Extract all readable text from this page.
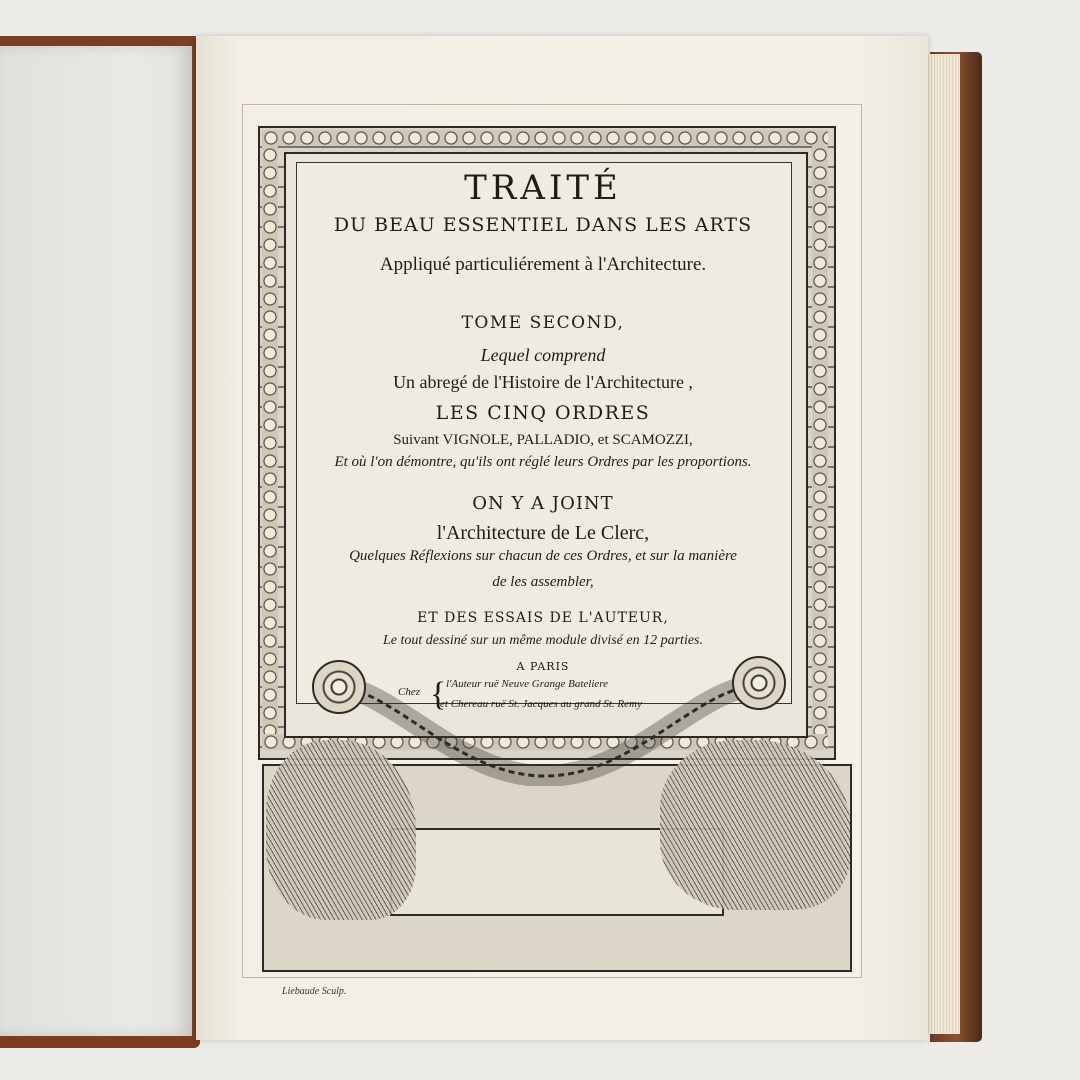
TRAITÉ
DU BEAU ESSENTIEL DANS LES ARTS
Appliqué particuliérement à l'Architecture.
TOME SECOND,
Lequel comprend
Un abregé de l'Histoire de l'Architecture ,
LES CINQ ORDRES
Suivant VIGNOLE, PALLADIO, et SCAMOZZI,
Et où l'on démontre, qu'ils ont réglé leurs Ordres par les proportions.
ON Y A JOINT
l'Architecture de Le Clerc,
Quelques Réflexions sur chacun de ces Ordres, et sur la manière
de les assembler,
ET DES ESSAIS DE L'AUTEUR,
Le tout dessiné sur un même module divisé en 12 parties.
A PARIS
Chez { l'Auteur ruë Neuve Grange Bateliere
et Chereau ruë St. Jacques au grand St. Remy
Liebaude Sculp.
